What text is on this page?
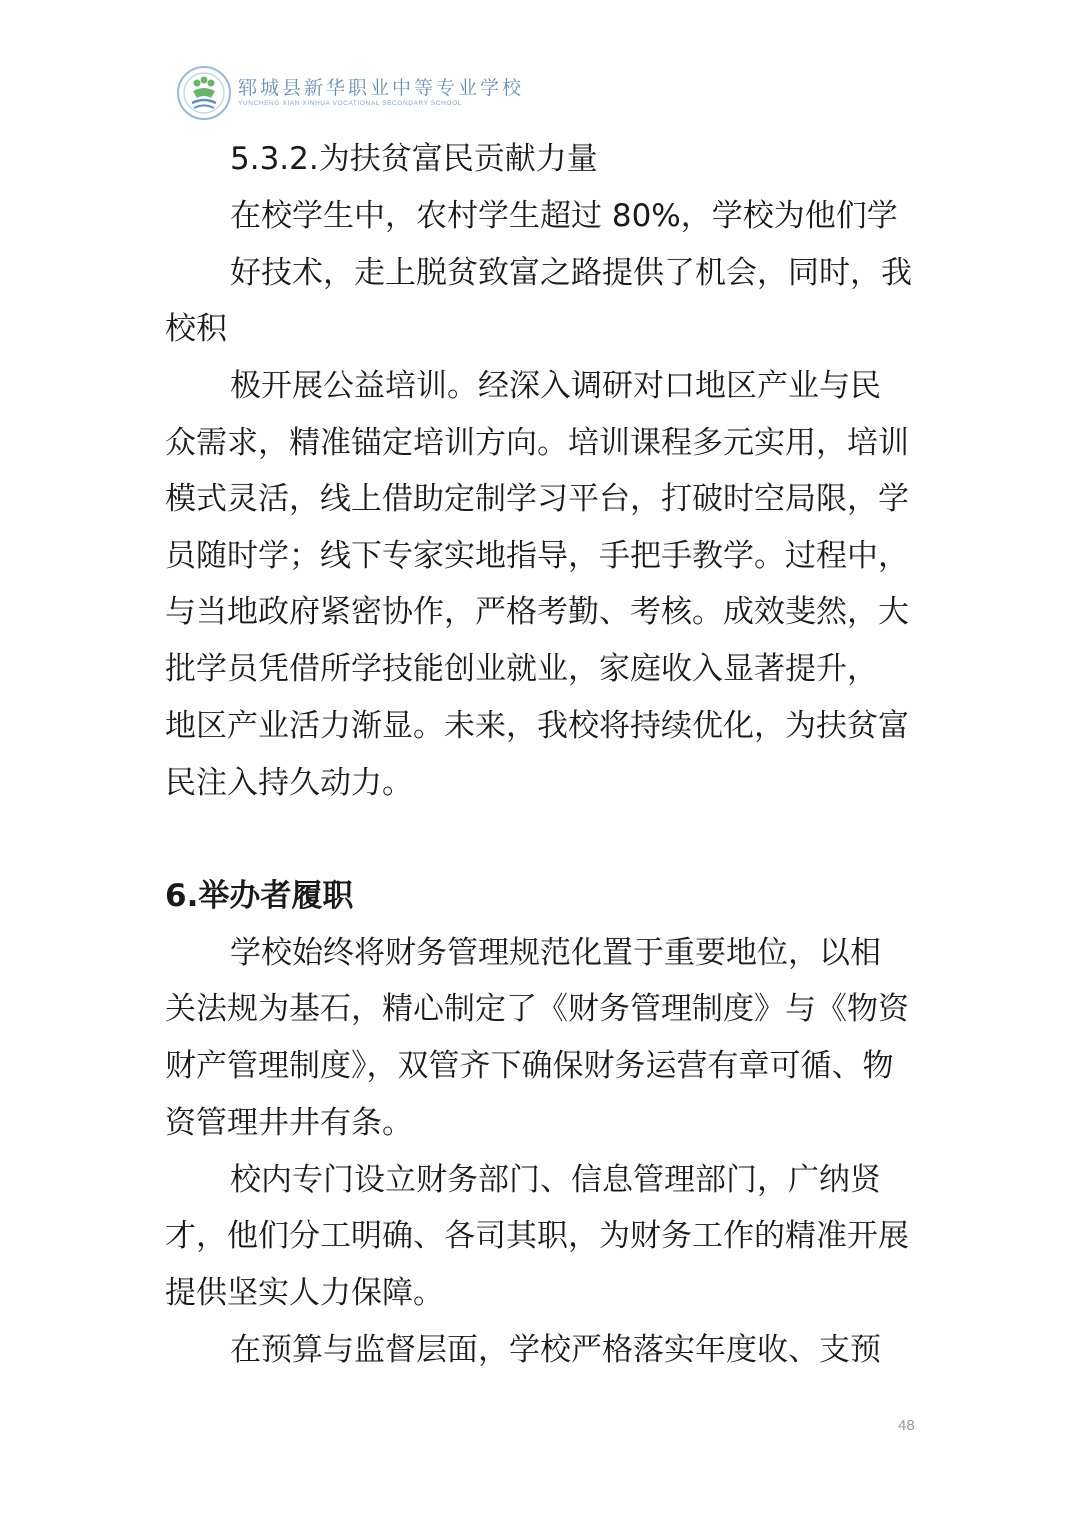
郓城县新华职业中等专业学校
YUNCHENG XIAN XINHUA VOCATIONAL SECONDARY SCHOOL
5.3.2.为扶贫富民贡献力量
在校学生中，农村学生超过 80%，学校为他们学
好技术，走上脱贫致富之路提供了机会，同时，我
校积
极开展公益培训。经深入调研对口地区产业与民
众需求，精准锚定培训方向。培训课程多元实用，培训
模式灵活，线上借助定制学习平台，打破时空局限，学
员随时学；线下专家实地指导，手把手教学。过程中，
与当地政府紧密协作，严格考勤、考核。成效斐然，大
批学员凭借所学技能创业就业，家庭收入显著提升，
地区产业活力渐显。未来，我校将持续优化，为扶贫富
民注入持久动力。
6.举办者履职
学校始终将财务管理规范化置于重要地位，以相
关法规为基石，精心制定了《财务管理制度》与《物资
财产管理制度》，双管齐下确保财务运营有章可循、物
资管理井井有条。
校内专门设立财务部门、信息管理部门，广纳贤
才，他们分工明确、各司其职，为财务工作的精准开展
提供坚实人力保障。
在预算与监督层面，学校严格落实年度收、支预
48
